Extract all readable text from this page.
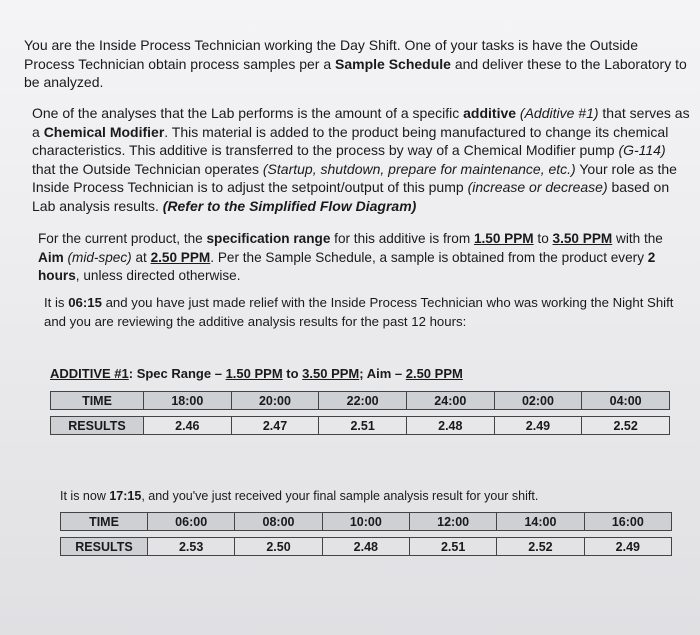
You are the Inside Process Technician working the Day Shift. One of your tasks is have the Outside Process Technician obtain process samples per a Sample Schedule and deliver these to the Laboratory to be analyzed.

One of the analyses that the Lab performs is the amount of a specific additive (Additive #1) that serves as a Chemical Modifier. This material is added to the product being manufactured to change its chemical characteristics. This additive is transferred to the process by way of a Chemical Modifier pump (G-114) that the Outside Technician operates (Startup, shutdown, prepare for maintenance, etc.) Your role as the Inside Process Technician is to adjust the setpoint/output of this pump (increase or decrease) based on Lab analysis results. (Refer to the Simplified Flow Diagram)

For the current product, the specification range for this additive is from 1.50 PPM to 3.50 PPM with the Aim (mid-spec) at 2.50 PPM. Per the Sample Schedule, a sample is obtained from the product every 2 hours, unless directed otherwise.

It is 06:15 and you have just made relief with the Inside Process Technician who was working the Night Shift and you are reviewing the additive analysis results for the past 12 hours:

ADDITIVE #1: Spec Range – 1.50 PPM to 3.50 PPM; Aim – 2.50 PPM
TIME	18:00	20:00	22:00	24:00	02:00	04:00

RESULTS	2.46	2.47	2.51	2.48	2.49	2.52
It is now 17:15, and you've just received your final sample analysis result for your shift.
TIME	06:00	08:00	10:00	12:00	14:00	16:00

RESULTS	2.53	2.50	2.48	2.51	2.52	2.49
